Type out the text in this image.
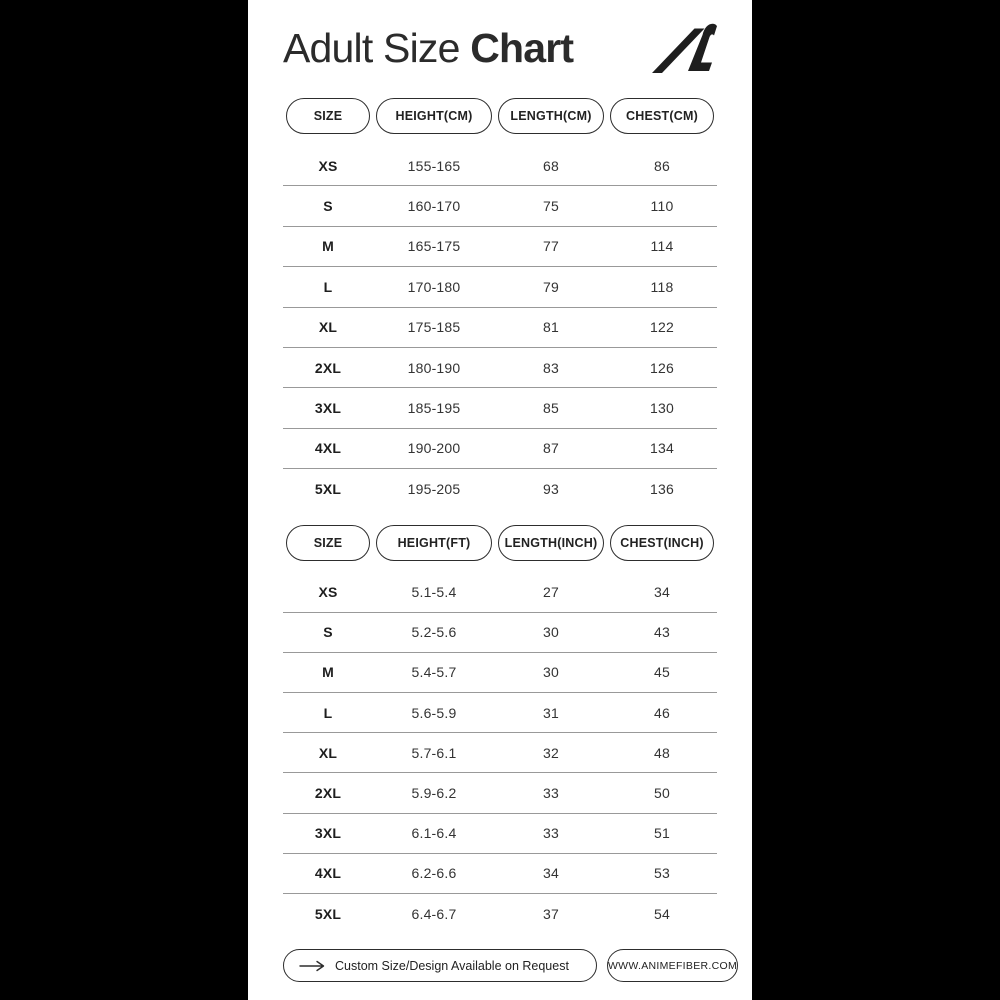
Adult Size Chart
SIZE	HEIGHT(CM)	LENGTH(CM)	CHEST(CM)
XS	155-165	68	86
S	160-170	75	110
M	165-175	77	114
L	170-180	79	118
XL	175-185	81	122
2XL	180-190	83	126
3XL	185-195	85	130
4XL	190-200	87	134
5XL	195-205	93	136
SIZE	HEIGHT(FT)	LENGTH(INCH)	CHEST(INCH)
XS	5.1-5.4	27	34
S	5.2-5.6	30	43
M	5.4-5.7	30	45
L	5.6-5.9	31	46
XL	5.7-6.1	32	48
2XL	5.9-6.2	33	50
3XL	6.1-6.4	33	51
4XL	6.2-6.6	34	53
5XL	6.4-6.7	37	54
Custom Size/Design Available on Request	WWW.ANIMEFIBER.COM
